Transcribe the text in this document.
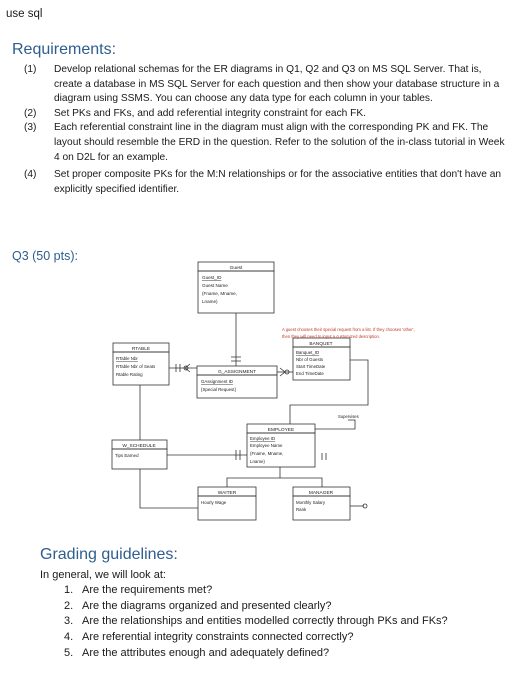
use sql
Requirements:
(1)	Develop relational schemas for the ER diagrams in Q1, Q2 and Q3 on MS SQL Server. That is, create a database in MS SQL Server for each question and then show your database structure in a diagram using SSMS. You can choose any data type for each column in your tables.
(2)	Set PKs and FKs, and add referential integrity constraint for each FK.
(3)	Each referential constraint line in the diagram must align with the corresponding PK and FK. The layout should resemble the ERD in the question. Refer to the solution of the in-class tutorial in Week 4 on D2L for an example.
(4)	Set proper composite PKs for the M:N relationships or for the associative entities that don't have an explicitly specified identifier.
Q3 (50 pts):
Guest
Guest_ID
Guest Name
(Fname, Mname,
Lname)
A guest chooses their special request from a list. If they chooses 'other',
then they will need to input a customized description.
RTABLE
RTable Nbr
RTable Nbr of Seats
Rtable Rating	G_ASSIGNMENT
GAssignment ID
{Special Request}
BANQUET
Banquet_ID
Nbr of Guests
Start TimeDate
End TimeDate
Supervises
EMPLOYEE
Employee ID
Employee Name
(Fname, Mname,
Lname)
W_SCHEDULE
Tips Earned
WAITER
Hourly Wage
MANAGER
Monthly Salary
Rank
Grading guidelines:
In general, we will look at:
1. Are the requirements met?
2. Are the diagrams organized and presented clearly?
3. Are the relationships and entities modelled correctly through PKs and FKs?
4. Are referential integrity constraints connected correctly?
5. Are the attributes enough and adequately defined?
